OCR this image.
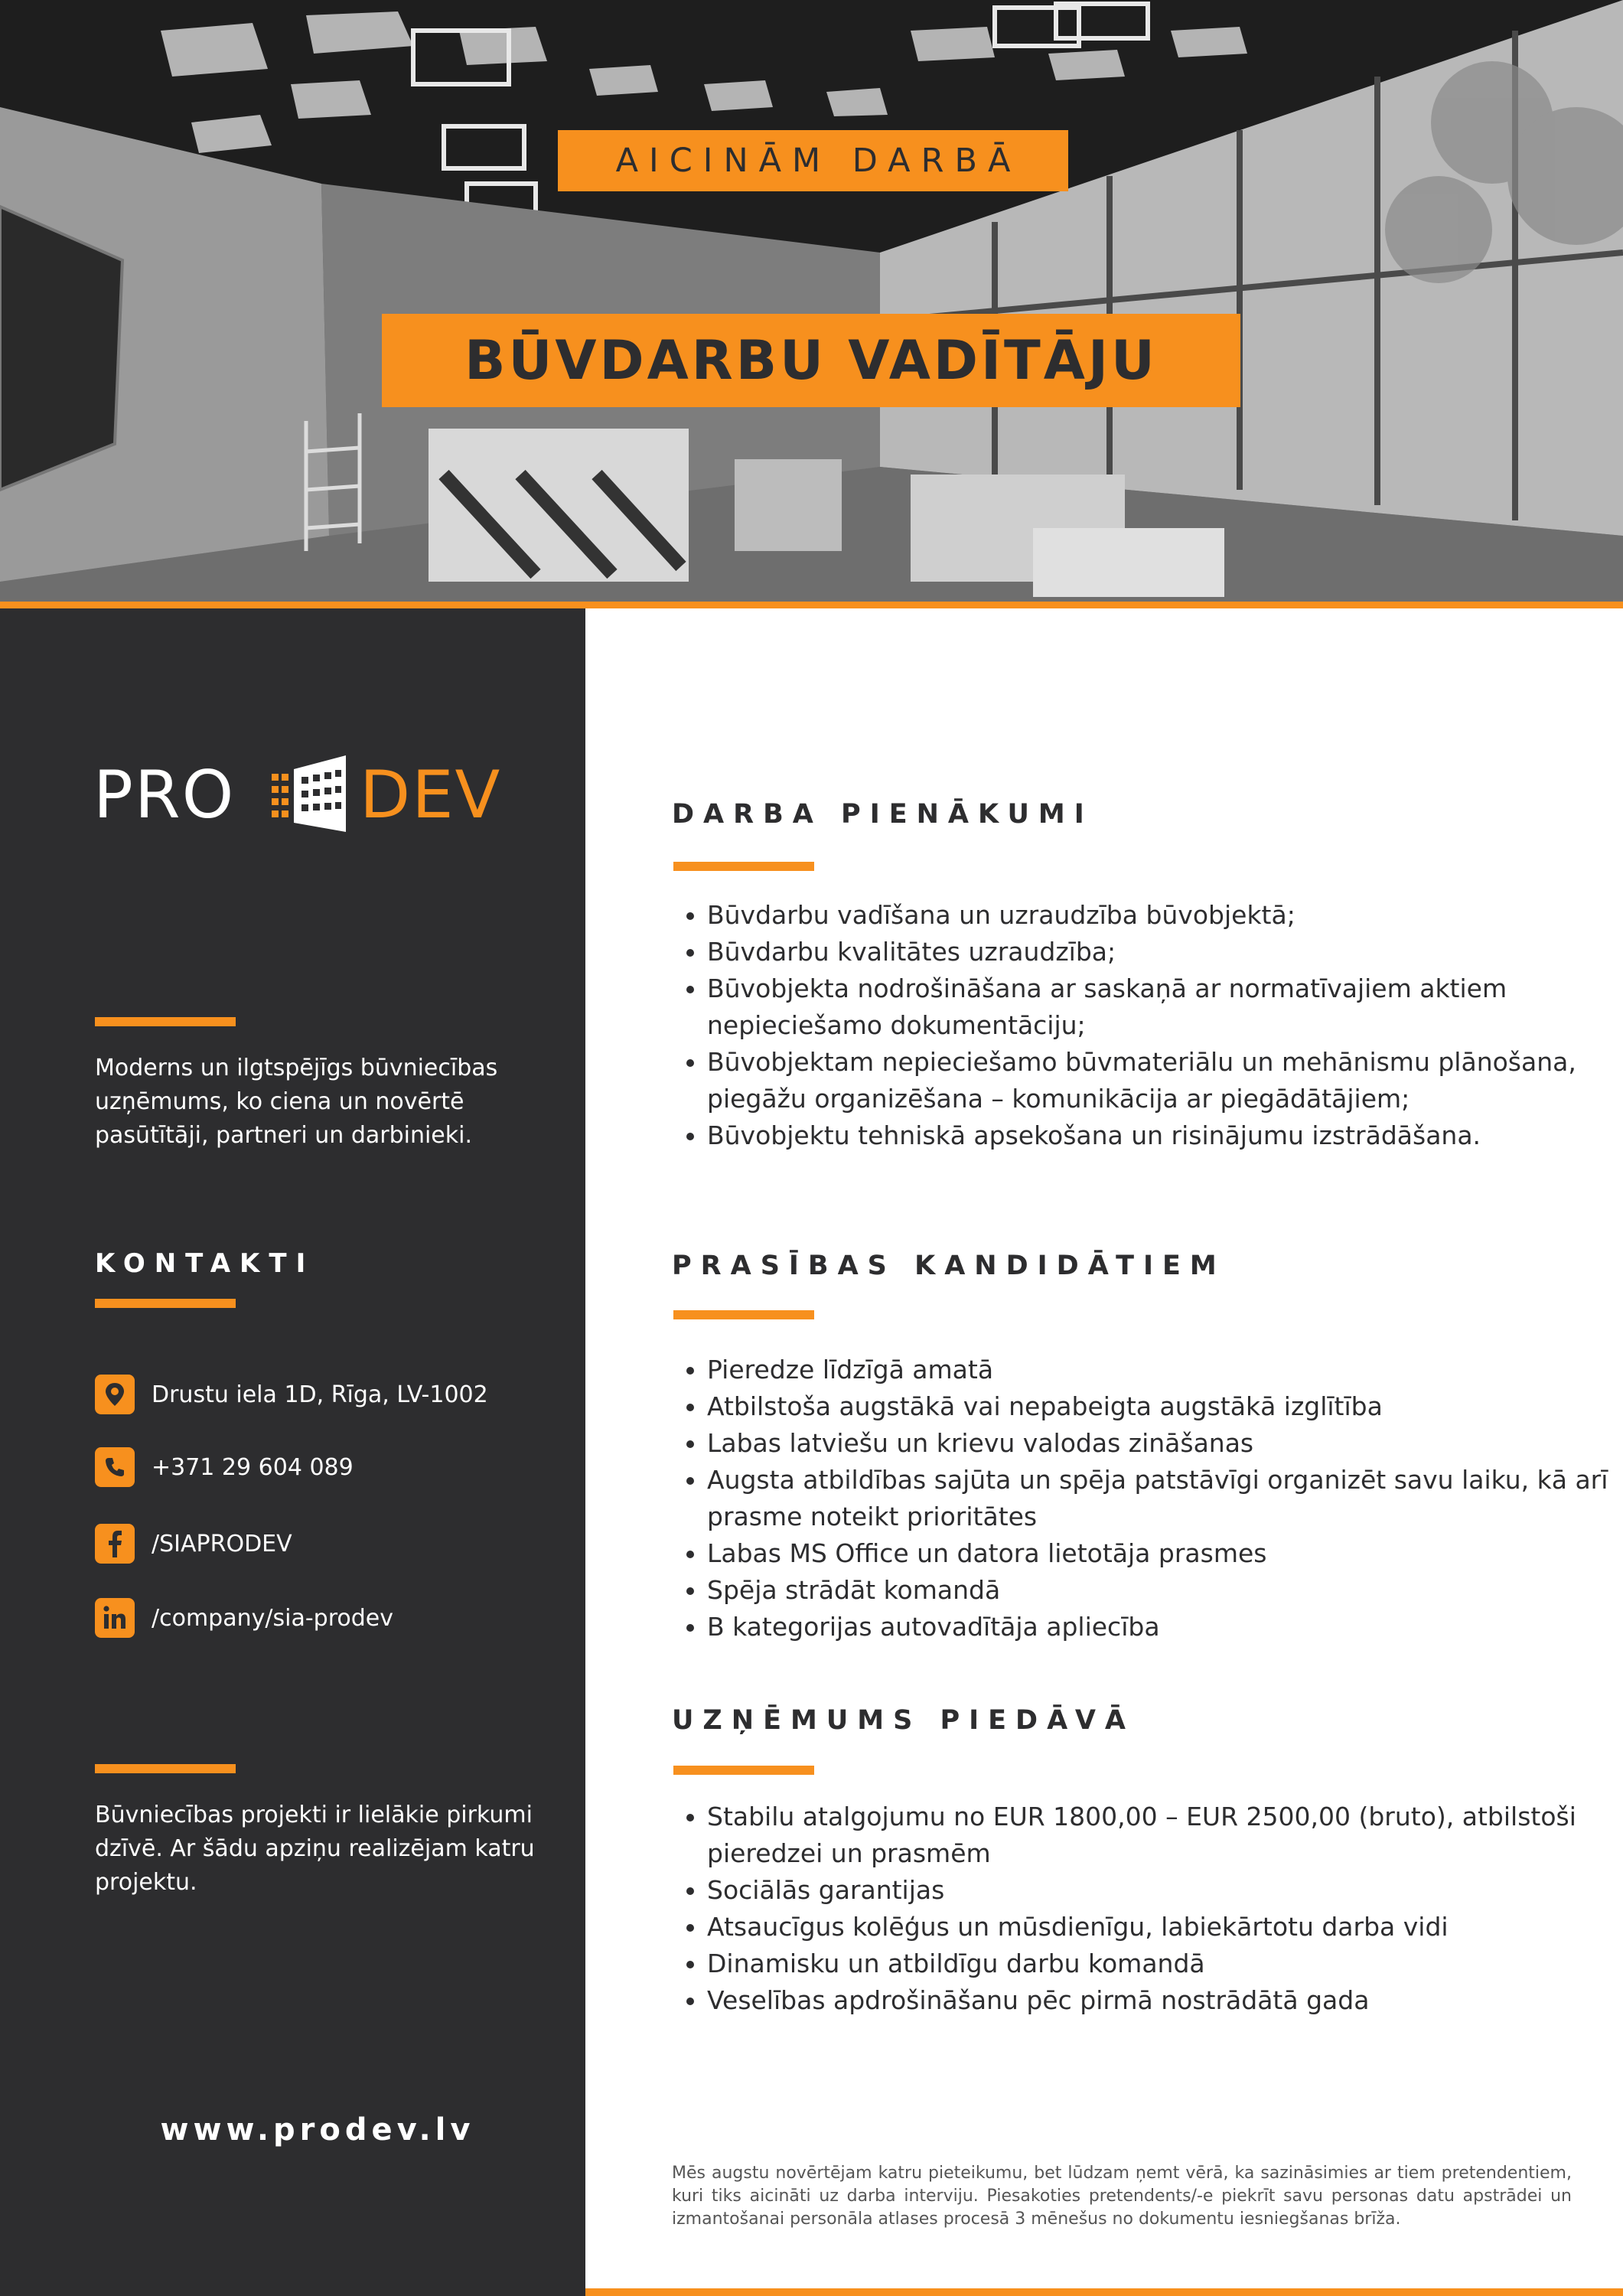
AICINĀM DARBĀ
BŪVDARBU VADĪTĀJU
PRO DEV
Moderns un ilgtspējīgs būvniecības uzņēmums, ko ciena un novērtē pasūtītāji, partneri un darbinieki.
KONTAKTI
Drustu iela 1D, Rīga, LV-1002
+371 29 604 089
/SIAPRODEV
/company/sia-prodev
Būvniecības projekti ir lielākie pirkumi dzīvē. Ar šādu apziņu realizējam katru projektu.
www.prodev.lv
DARBA PIENĀKUMI
• Būvdarbu vadīšana un uzraudzība būvobjektā;
• Būvdarbu kvalitātes uzraudzība;
• Būvobjekta nodrošināšana ar saskaņā ar normatīvajiem aktiem nepieciešamo dokumentāciju;
• Būvobjektam nepieciešamo būvmateriālu un mehānismu plānošana, piegāžu organizēšana – komunikācija ar piegādātājiem;
• Būvobjektu tehniskā apsekošana un risinājumu izstrādāšana.
PRASĪBAS KANDIDĀTIEM
• Pieredze līdzīgā amatā
• Atbilstoša augstākā vai nepabeigta augstākā izglītība
• Labas latviešu un krievu valodas zināšanas
• Augsta atbildības sajūta un spēja patstāvīgi organizēt savu laiku, kā arī prasme noteikt prioritātes
• Labas MS Office un datora lietotāja prasmes
• Spēja strādāt komandā
• B kategorijas autovadītāja apliecība
UZŅĒMUMS PIEDĀVĀ
• Stabilu atalgojumu no EUR 1800,00 – EUR 2500,00 (bruto), atbilstoši pieredzei un prasmēm
• Sociālās garantijas
• Atsaucīgus kolēģus un mūsdienīgu, labiekārtotu darba vidi
• Dinamisku un atbildīgu darbu komandā
• Veselības apdrošināšanu pēc pirmā nostrādātā gada
Mēs augstu novērtējam katru pieteikumu, bet lūdzam ņemt vērā, ka sazināsimies ar tiem pretendentiem, kuri tiks aicināti uz darba interviju. Piesakoties pretendents/-e piekrīt savu personas datu apstrādei un izmantošanai personāla atlases procesā 3 mēnešus no dokumentu iesniegšanas brīža.
